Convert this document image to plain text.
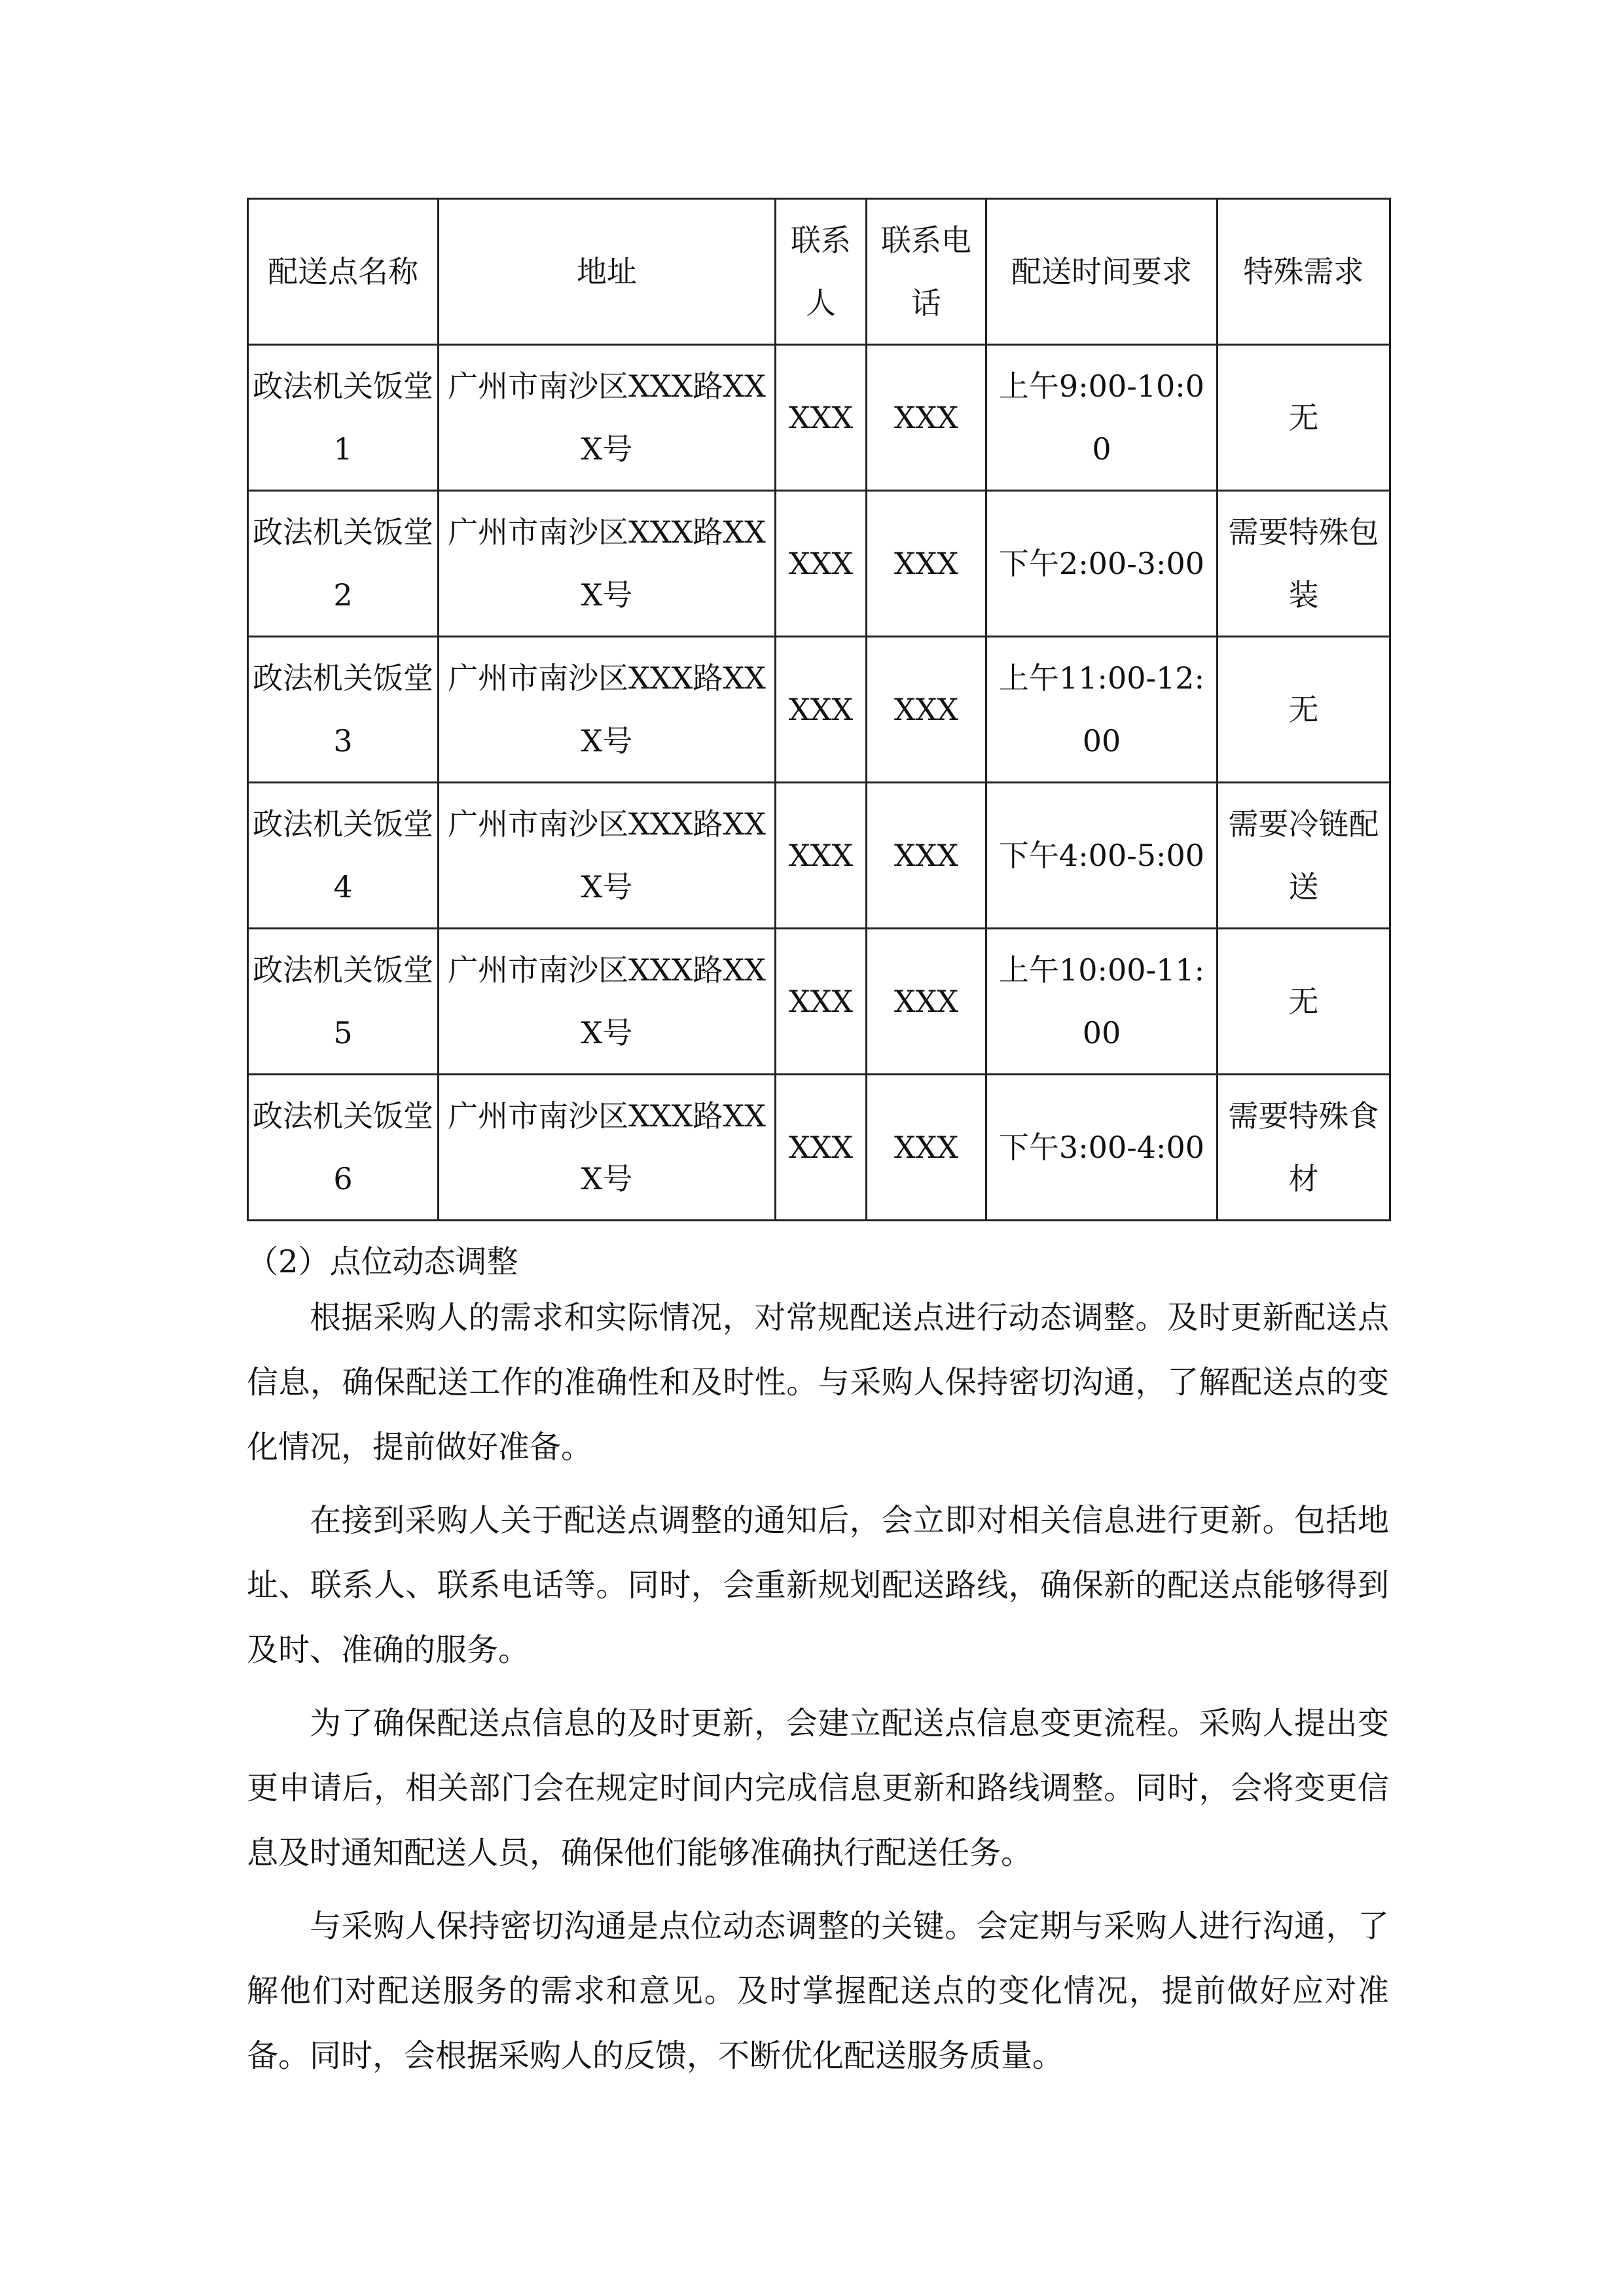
配送点名称	地址	联系人	联系电话	配送时间要求	特殊需求
政法机关饭堂1	广州市南沙区XXX路XXX号	XXX	XXX	上午9:00-10:00	无
政法机关饭堂2	广州市南沙区XXX路XXX号	XXX	XXX	下午2:00-3:00	需要特殊包装
政法机关饭堂3	广州市南沙区XXX路XXX号	XXX	XXX	上午11:00-12:00	无
政法机关饭堂4	广州市南沙区XXX路XXX号	XXX	XXX	下午4:00-5:00	需要冷链配送
政法机关饭堂5	广州市南沙区XXX路XXX号	XXX	XXX	上午10:00-11:00	无
政法机关饭堂6	广州市南沙区XXX路XXX号	XXX	XXX	下午3:00-4:00	需要特殊食材
（2）点位动态调整

根据采购人的需求和实际情况，对常规配送点进行动态调整。及时更新配送点信息，确保配送工作的准确性和及时性。与采购人保持密切沟通，了解配送点的变化情况，提前做好准备。

在接到采购人关于配送点调整的通知后，会立即对相关信息进行更新。包括地址、联系人、联系电话等。同时，会重新规划配送路线，确保新的配送点能够得到及时、准确的服务。

为了确保配送点信息的及时更新，会建立配送点信息变更流程。采购人提出变更申请后，相关部门会在规定时间内完成信息更新和路线调整。同时，会将变更信息及时通知配送人员，确保他们能够准确执行配送任务。

与采购人保持密切沟通是点位动态调整的关键。会定期与采购人进行沟通，了解他们对配送服务的需求和意见。及时掌握配送点的变化情况，提前做好应对准备。同时，会根据采购人的反馈，不断优化配送服务质量。
